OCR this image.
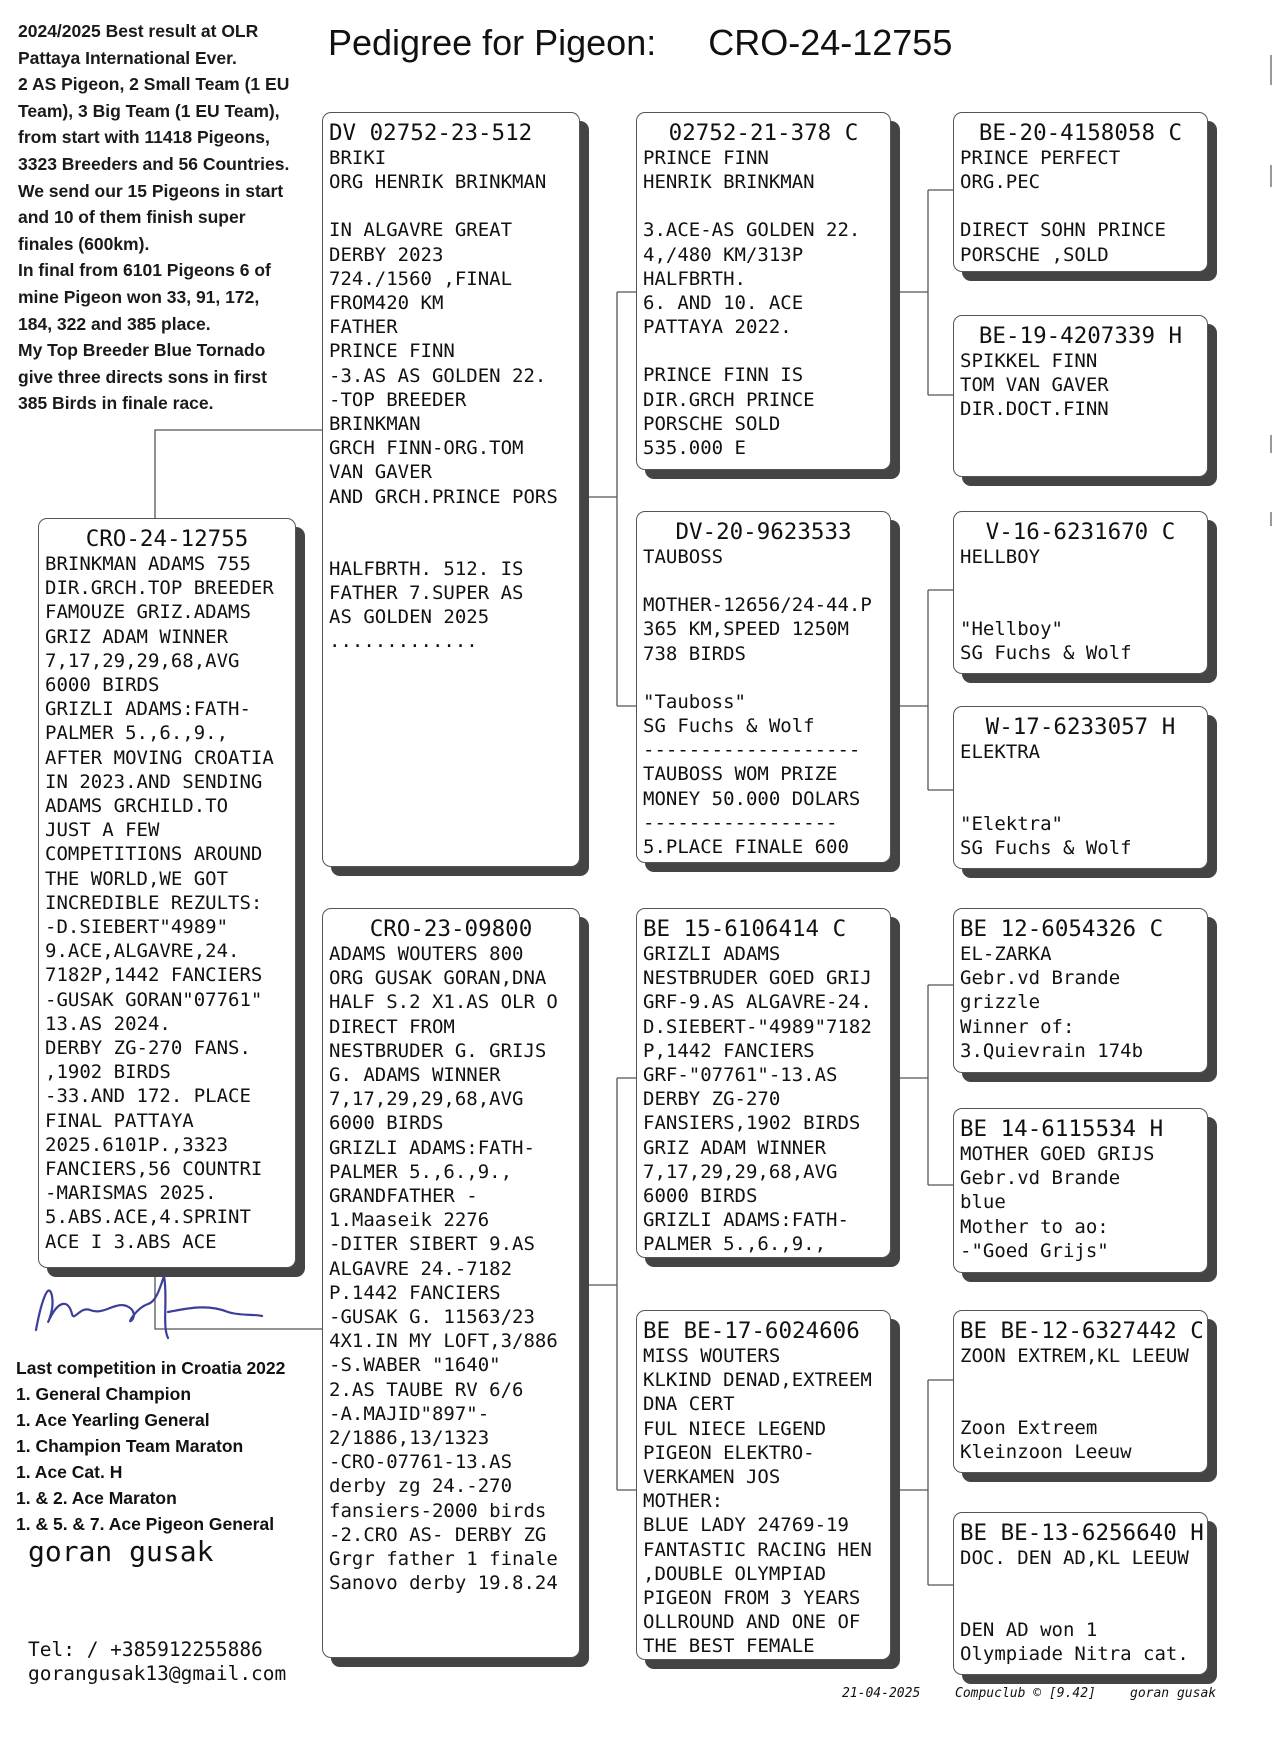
2024/2025 Best result at OLR
Pattaya International Ever.
2 AS Pigeon, 2 Small Team (1 EU
Team), 3 Big Team (1 EU Team),
from start with 11418 Pigeons,
3323 Breeders and 56 Countries.
We send our 15 Pigeons in start
and 10 of them finish super
finales (600km).
In final from 6101 Pigeons 6 of
mine Pigeon won 33, 91, 172,
184, 322 and 385 place.
My Top Breeder Blue Tornado
give three directs sons in first
385 Birds in finale race.
Pedigree for Pigeon: CRO-24-12755
CRO-24-12755
BRINKMAN ADAMS 755
DIR.GRCH.TOP BREEDER
FAMOUZE GRIZ.ADAMS
GRIZ ADAM WINNER
7,17,29,29,68,AVG
6000 BIRDS
GRIZLI ADAMS:FATH-
PALMER 5.,6.,9.,
AFTER MOVING CROATIA
IN 2023.AND SENDING
ADAMS GRCHILD.TO
JUST A FEW
COMPETITIONS AROUND
THE WORLD,WE GOT
INCREDIBLE REZULTS:
-D.SIEBERT"4989"
9.ACE,ALGAVRE,24.
7182P,1442 FANCIERS
-GUSAK GORAN"07761"
13.AS 2024.
DERBY ZG-270 FANS.
,1902 BIRDS
-33.AND 172. PLACE
FINAL PATTAYA
2025.6101P.,3323
FANCIERS,56 COUNTRI
-MARISMAS 2025.
5.ABS.ACE,4.SPRINT
ACE I 3.ABS ACE
DV 02752-23-512
BRIKI
ORG HENRIK BRINKMAN
IN ALGAVRE GREAT
DERBY 2023
724./1560 ,FINAL
FROM420 KM
FATHER
PRINCE FINN
-3.AS AS GOLDEN 22.
-TOP BREEDER
BRINKMAN
GRCH FINN-ORG.TOM
VAN GAVER
AND GRCH.PRINCE PORS
HALFBRTH. 512. IS
FATHER 7.SUPER AS
AS GOLDEN 2025
.............
CRO-23-09800
ADAMS WOUTERS 800
ORG GUSAK GORAN,DNA
HALF S.2 X1.AS OLR O
DIRECT FROM
NESTBRUDER G. GRIJS
G. ADAMS WINNER
7,17,29,29,68,AVG
6000 BIRDS
GRIZLI ADAMS:FATH-
PALMER 5.,6.,9.,
GRANDFATHER -
1.Maaseik 2276
-DITER SIBERT 9.AS
ALGAVRE 24.-7182
P.1442 FANCIERS
-GUSAK G. 11563/23
4X1.IN MY LOFT,3/886
-S.WABER "1640"
2.AS TAUBE RV 6/6
-A.MAJID"897"-
2/1886,13/1323
-CRO-07761-13.AS
derby zg 24.-270
fansiers-2000 birds
-2.CRO AS- DERBY ZG
Grgr father 1 finale
Sanovo derby 19.8.24
02752-21-378 C
PRINCE FINN
HENRIK BRINKMAN
3.ACE-AS GOLDEN 22.
4,/480 KM/313P
HALFBRTH.
6. AND 10. ACE
PATTAYA 2022.
PRINCE FINN IS
DIR.GRCH PRINCE
PORSCHE SOLD
535.000 E
DV-20-9623533
TAUBOSS
MOTHER-12656/24-44.P
365 KM,SPEED 1250M
738 BIRDS
"Tauboss"
SG Fuchs & Wolf
-------------------
TAUBOSS WOM PRIZE
MONEY 50.000 DOLARS
-----------------
5.PLACE FINALE 600
BE 15-6106414 C
GRIZLI ADAMS
NESTBRUDER GOED GRIJ
GRF-9.AS ALGAVRE-24.
D.SIEBERT-"4989"7182
P,1442 FANCIERS
GRF-"07761"-13.AS
DERBY ZG-270
FANSIERS,1902 BIRDS
GRIZ ADAM WINNER
7,17,29,29,68,AVG
6000 BIRDS
GRIZLI ADAMS:FATH-
PALMER 5.,6.,9.,
BE BE-17-6024606
MISS WOUTERS
KLKIND DENAD,EXTREEM
DNA CERT
FUL NIECE LEGEND
PIGEON ELEKTRO-
VERKAMEN JOS
MOTHER:
BLUE LADY 24769-19
FANTASTIC RACING HEN
,DOUBLE OLYMPIAD
PIGEON FROM 3 YEARS
OLLROUND AND ONE OF
THE BEST FEMALE
BE-20-4158058 C
PRINCE PERFECT
ORG.PEC
DIRECT SOHN PRINCE
PORSCHE ,SOLD
BE-19-4207339 H
SPIKKEL FINN
TOM VAN GAVER
DIR.DOCT.FINN
V-16-6231670 C
HELLBOY
"Hellboy"
SG Fuchs & Wolf
W-17-6233057 H
ELEKTRA
"Elektra"
SG Fuchs & Wolf
BE 12-6054326 C
EL-ZARKA
Gebr.vd Brande
grizzle
Winner of:
3.Quievrain 174b
BE 14-6115534 H
MOTHER GOED GRIJS
Gebr.vd Brande
blue
Mother to ao:
-"Goed Grijs"
BE BE-12-6327442 C
ZOON EXTREM,KL LEEUW
Zoon Extreem
Kleinzoon Leeuw
BE BE-13-6256640 H
DOC. DEN AD,KL LEEUW
DEN AD won 1
Olympiade Nitra cat.
Last competition in Croatia 2022
1. General Champion
1. Ace Yearling General
1. Champion Team Maraton
1. Ace Cat. H
1. & 2. Ace Maraton
1. & 5. & 7. Ace Pigeon General
goran gusak
Tel: / +385912255886
gorangusak13@gmail.com
21-04-2025	Compuclub © [9.42]	goran gusak
